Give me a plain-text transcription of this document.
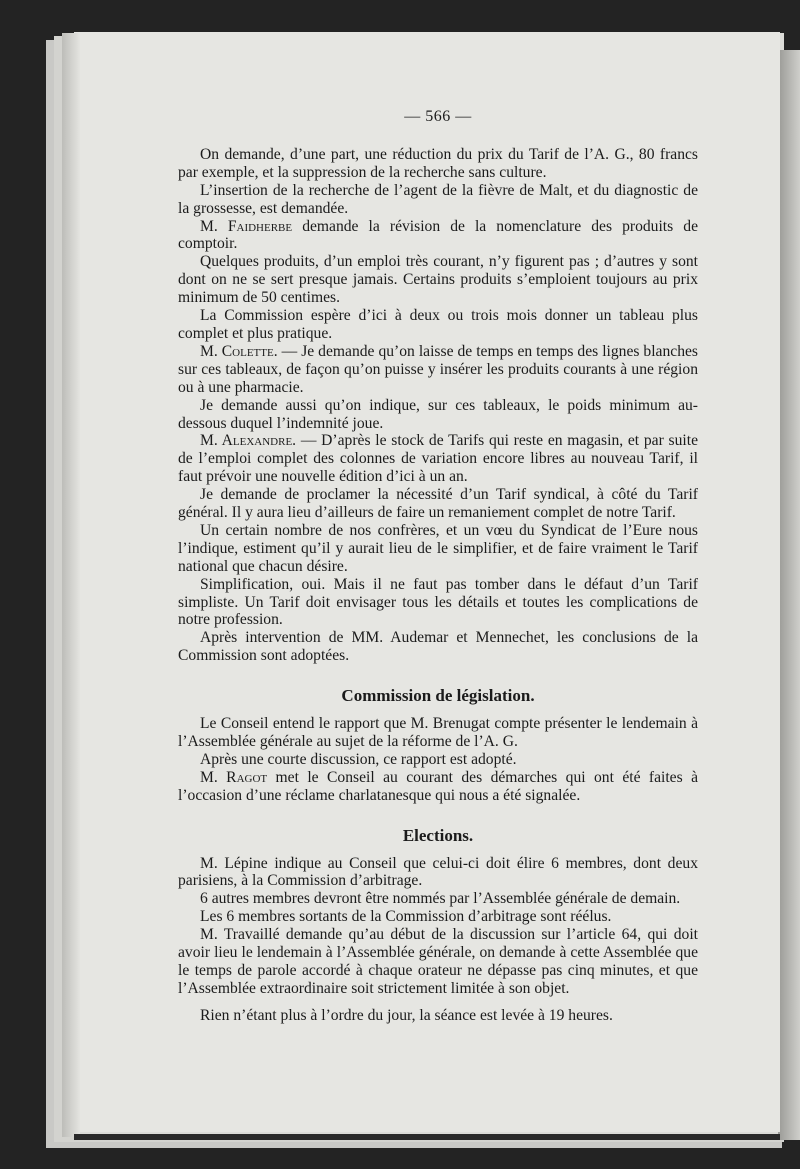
— 566 —

On demande, d’une part, une réduction du prix du Tarif de l’A. G., 80 francs par exemple, et la suppression de la recherche sans culture.

L’insertion de la recherche de l’agent de la fièvre de Malt, et du diagnostic de la grossesse, est demandée.

M. Faidherbe demande la révision de la nomenclature des produits de comptoir.

Quelques produits, d’un emploi très courant, n’y figurent pas ; d’autres y sont dont on ne se sert presque jamais. Certains produits s’emploient toujours au prix minimum de 50 centimes.

La Commission espère d’ici à deux ou trois mois donner un tableau plus complet et plus pratique.

M. Colette. — Je demande qu’on laisse de temps en temps des lignes blanches sur ces tableaux, de façon qu’on puisse y insérer les produits courants à une région ou à une pharmacie.

Je demande aussi qu’on indique, sur ces tableaux, le poids minimum au-dessous duquel l’indemnité joue.

M. Alexandre. — D’après le stock de Tarifs qui reste en magasin, et par suite de l’emploi complet des colonnes de variation encore libres au nouveau Tarif, il faut prévoir une nouvelle édition d’ici à un an.

Je demande de proclamer la nécessité d’un Tarif syndical, à côté du Tarif général. Il y aura lieu d’ailleurs de faire un remaniement complet de notre Tarif.

Un certain nombre de nos confrères, et un vœu du Syndicat de l’Eure nous l’indique, estiment qu’il y aurait lieu de le simplifier, et de faire vraiment le Tarif national que chacun désire.

Simplification, oui. Mais il ne faut pas tomber dans le défaut d’un Tarif simpliste. Un Tarif doit envisager tous les détails et toutes les complications de notre profession.

Après intervention de MM. Audemar et Mennechet, les conclusions de la Commission sont adoptées.

Commission de législation.

Le Conseil entend le rapport que M. Brenugat compte présenter le lendemain à l’Assemblée générale au sujet de la réforme de l’A. G.

Après une courte discussion, ce rapport est adopté.

M. Ragot met le Conseil au courant des démarches qui ont été faites à l’occasion d’une réclame charlatanesque qui nous a été signalée.

Elections.

M. Lépine indique au Conseil que celui-ci doit élire 6 membres, dont deux parisiens, à la Commission d’arbitrage.

6 autres membres devront être nommés par l’Assemblée générale de demain.

Les 6 membres sortants de la Commission d’arbitrage sont réélus.

M. Travaillé demande qu’au début de la discussion sur l’article 64, qui doit avoir lieu le lendemain à l’Assemblée générale, on demande à cette Assemblée que le temps de parole accordé à chaque orateur ne dépasse pas cinq minutes, et que l’Assemblée extraordinaire soit strictement limitée à son objet.

Rien n’étant plus à l’ordre du jour, la séance est levée à 19 heures.
